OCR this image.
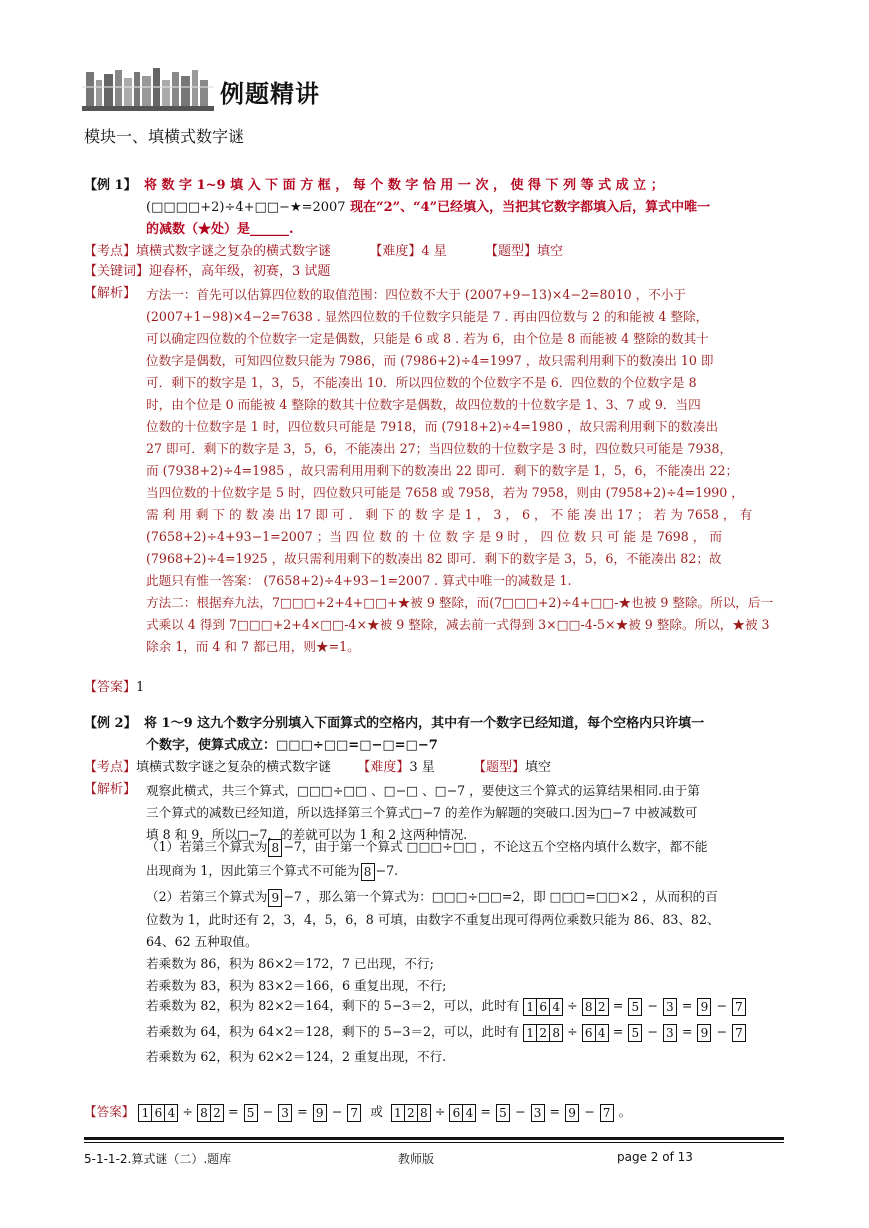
例题精讲
模块一、填横式数字谜
【例 1】 将 数 字 1~9 填 入 下 面 方 框 ， 每 个 数 字 恰 用 一 次 ， 使 得 下 列 等 式 成 立 ；
(□□□□+2)÷4+□□−★=2007 现在“2”、“4”已经填入，当把其它数字都填入后，算式中唯一
的减数（★处）是______.
【考点】填横式数字谜之复杂的横式数字谜	【难度】4 星	【题型】填空
【关键词】迎春杯，高年级，初赛，3 试题
【解析】 方法一：首先可以估算四位数的取值范围：四位数不大于 (2007+9−13)×4−2=8010 ，不小于
(2007+1−98)×4−2=7638 . 显然四位数的千位数字只能是 7 . 再由四位数与 2 的和能被 4 整除，
可以确定四位数的个位数字一定是偶数，只能是 6 或 8 . 若为 6，由个位是 8 而能被 4 整除的数其十
位数字是偶数，可知四位数只能为 7986，而 (7986+2)÷4=1997 ，故只需利用剩下的数凑出 10 即
可．剩下的数字是 1，3，5，不能凑出 10．所以四位数的个位数字不是 6．四位数的个位数字是 8
时，由个位是 0 而能被 4 整除的数其十位数字是偶数，故四位数的十位数字是 1、3、7 或 9．当四
位数的十位数字是 1 时，四位数只可能是 7918，而 (7918+2)÷4=1980 ，故只需利用剩下的数凑出
27 即可．剩下的数字是 3，5，6，不能凑出 27；当四位数的十位数字是 3 时，四位数只可能是 7938，
而 (7938+2)÷4=1985 ，故只需利用用剩下的数凑出 22 即可．剩下的数字是 1，5，6，不能凑出 22；
当四位数的十位数字是 5 时，四位数只可能是 7658 或 7958，若为 7958，则由 (7958+2)÷4=1990 ，
需 利 用 剩 下 的 数 凑 出 17 即 可 ． 剩 下 的 数 字 是 1 ， 3 ， 6 ， 不 能 凑 出 17 ； 若 为 7658 ， 有
(7658+2)÷4+93−1=2007 ；当 四 位 数 的 十 位 数 字 是 9 时 ， 四 位 数 只 可 能 是 7698 ， 而
(7968+2)÷4=1925 ，故只需利用剩下的数凑出 82 即可．剩下的数字是 3，5，6，不能凑出 82；故
此题只有惟一答案： (7658+2)÷4+93−1=2007 . 算式中唯一的减数是 1.
方法二：根据弃九法，7□□□+2+4+□□+★被 9 整除，而(7□□□+2)÷4+□□-★也被 9 整除。所以，后一
式乘以 4 得到 7□□□+2+4×□□-4×★被 9 整除，减去前一式得到 3×□□-4-5×★被 9 整除。所以，★被 3
除余 1，而 4 和 7 都已用，则★=1。
【答案】1
【例 2】 将 1～9 这九个数字分别填入下面算式的空格内，其中有一个数字已经知道，每个空格内只许填一
个数字，使算式成立：□□□÷□□=□−□=□−7
【考点】填横式数字谜之复杂的横式数字谜 【难度】3 星	【题型】填空
【解析】 观察此横式，共三个算式，□□□÷□□ 、□−□ 、□−7 ，要使这三个算式的运算结果相同.由于第
三个算式的减数已经知道，所以选择第三个算式□−7 的差作为解题的突破口.因为□−7 中被减数可
填 8 和 9，所以□−7，的差就可以为 1 和 2 这两种情况.
（1）若第三个算式为 8 −7，由于第一个算式 □□□÷□□ ，不论这五个空格内填什么数字，都不能
出现商为 1，因此第三个算式不可能为 8 −7.
（2）若第三个算式为 9 −7 ，那么第一个算式为：□□□÷□□=2，即 □□□=□□×2 ，从而积的百
位数为 1，此时还有 2，3，4，5，6，8 可填，由数字不重复出现可得两位乘数只能为 86、83、82、
64、62 五种取值。
若乘数为 86，积为 86×2＝172，7 已出现，不行;
若乘数为 83，积为 83×2＝166，6 重复出现，不行;
若乘数为 82，积为 82×2＝164，剩下的 5−3＝2，可以，此时有 1 6 4 ÷ 8 2 = 5 − 3 = 9 − 7
若乘数为 64，积为 64×2＝128，剩下的 5−3＝2，可以，此时有 1 2 8 ÷ 6 4 = 5 − 3 = 9 − 7
若乘数为 62，积为 62×2＝124，2 重复出现，不行.
【答案】 1 6 4 ÷ 8 2 = 5 − 3 = 9 − 7 或 1 2 8 ÷ 6 4 = 5 − 3 = 9 − 7 。
5-1-1-2.算式谜（二）.题库	教师版	page 2 of 13
